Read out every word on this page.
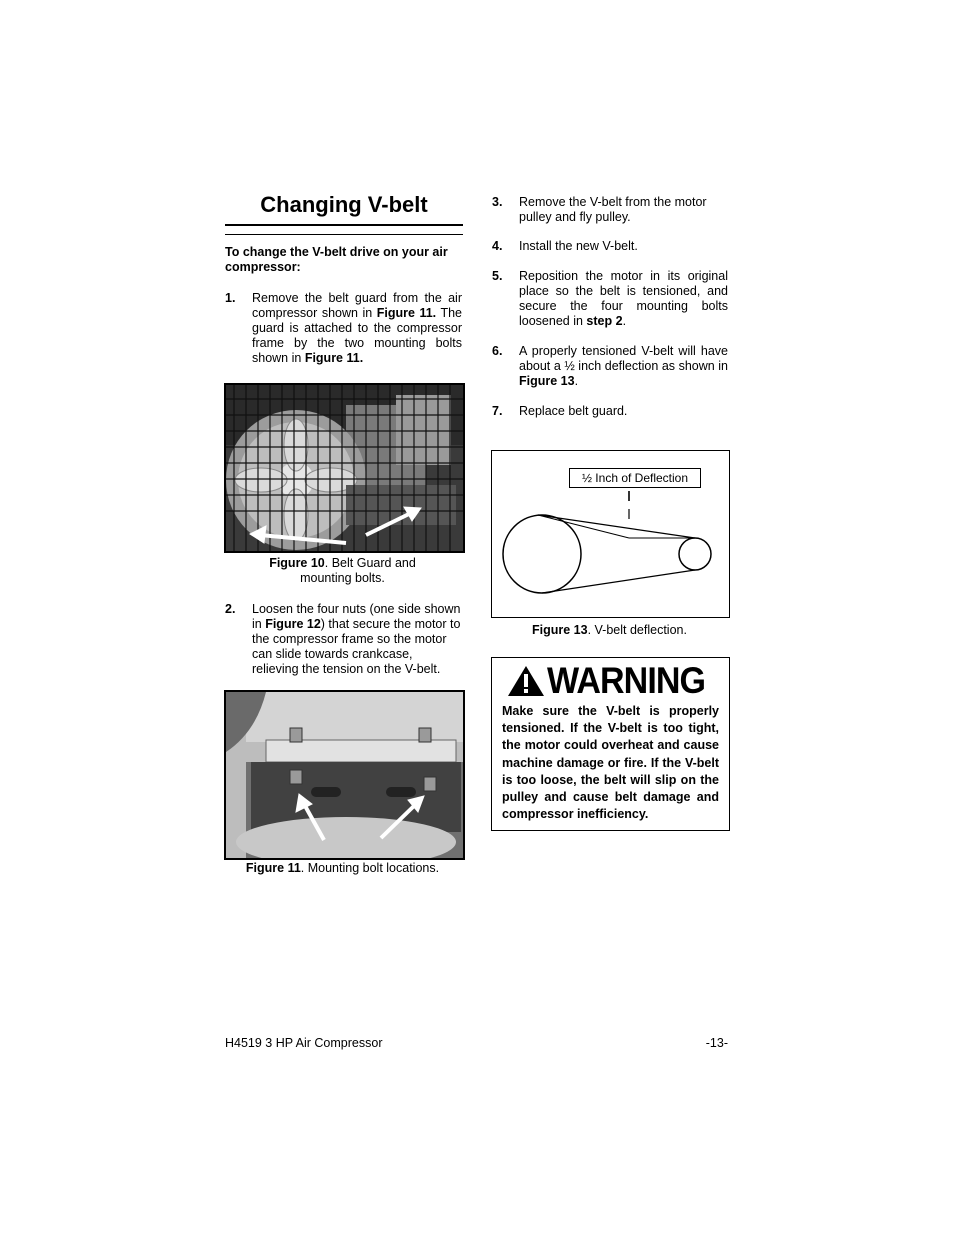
Changing V-belt
To change the V-belt drive on your air compressor:
1. Remove the belt guard from the air compressor shown in Figure 11. The guard is attached to the compressor frame by the two mounting bolts shown in Figure 11.
Figure 10. Belt Guard and
mounting bolts.
2. Loosen the four nuts (one side shown in Figure 12) that secure the motor to the compressor frame so the motor can slide towards crankcase, relieving the tension on the V-belt.
Figure 11. Mounting bolt locations.
3. Remove the V-belt from the motor pulley and fly pulley.
4. Install the new V-belt.
5. Reposition the motor in its original place so the belt is tensioned, and secure the four mounting bolts loosened in step 2.
6. A properly tensioned V-belt will have about a ½ inch deflection as shown in Figure 13.
7. Replace belt guard.
½ Inch of Deflection
Figure 13. V-belt deflection.
WARNING
Make sure the V-belt is properly tensioned. If the V-belt is too tight, the motor could overheat and cause machine damage or fire. If the V-belt is too loose, the belt will slip on the pulley and cause belt damage and compressor inefficiency.
H4519 3 HP Air Compressor	-13-
